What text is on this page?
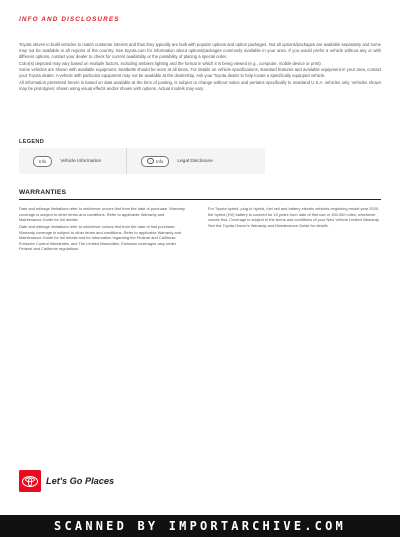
INFO AND DISCLOSURES

Toyota strives to build vehicles to match customer interest and thus they typically are built with popular options and option packages. Not all options/packages are available separately and some may not be available in all regions of the country. See toyota.com for information about options/packages commonly available in your area. If you would prefer a vehicle without any or with different options, contact your dealer to check for current availability or the possibility of placing a special order.

Color(s) depicted may vary based on multiple factors, including ambient lighting and the format in which it is being viewed (e.g., computer, mobile device or print).

Some vehicles are shown with available equipment. Seatbelts should be worn at all times. For details on vehicle specifications, standard features and available equipment in your area, contact your Toyota dealer. A vehicle with particular equipment may not be available at the dealership. Ask your Toyota dealer to help locate a specifically equipped vehicle.

All information presented herein is based on data available at the time of posting, is subject to change without notice and pertains specifically to mainland U.S.A. vehicles only. Vehicles shown may be prototypes; shown using visual effects and/or shown with options. Actual models may vary.

LEGEND
Info	Vehicle Information	i	Info	Legal Disclosure
WARRANTIES

Date and mileage limitations refer to whichever occurs first from the date of purchase. Warranty coverage is subject to other terms and conditions. Refer to applicable Warranty and Maintenance Guide for full details.

Date and mileage limitations refer to whichever comes first from the date of first purchase. Warranty coverage is subject to other terms and conditions. Refer to applicable Warranty and Maintenance Guide for full details and for information regarding the Federal and California Emission Control Warranties, and Tire Limited Warranties. Emission coverages vary under Federal and California regulations.

For Toyota hybrid, plug-in hybrid, fuel cell and battery electric vehicles beginning model year 2020, the hybrid (HV) battery is covered for 10 years from date of first use or 150,000 miles, whichever comes first. Coverage is subject to the terms and conditions of your New Vehicle Limited Warranty. See the Toyota Owner's Warranty and Maintenance Guide for details.

Let's Go Places
SCANNED BY IMPORTARCHIVE.COM
